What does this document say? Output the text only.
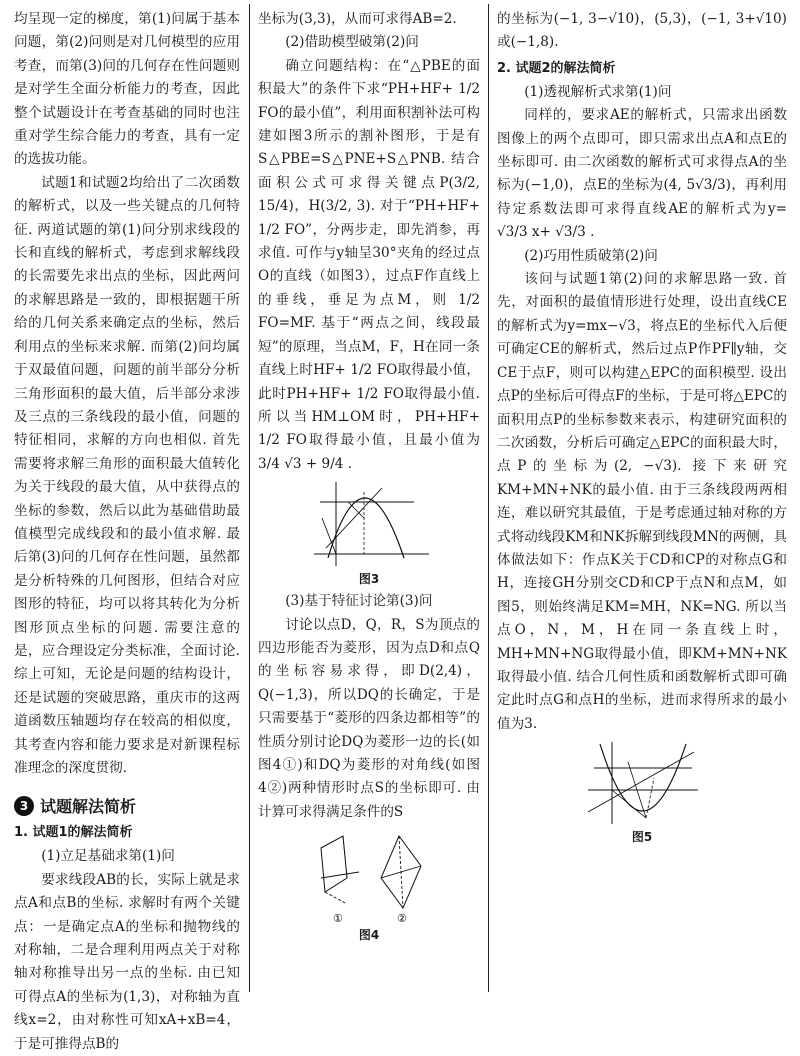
均呈现一定的梯度，第(1)问属于基本问题，第(2)问则是对几何模型的应用考查，而第(3)问的几何存在性问题则是对学生全面分析能力的考查，因此整个试题设计在考查基础的同时也注重对学生综合能力的考查，具有一定的选拔功能。

试题1和试题2均给出了二次函数的解析式，以及一些关键点的几何特征. 两道试题的第(1)问分别求线段的长和直线的解析式，考虑到求解线段的长需要先求出点的坐标，因此两问的求解思路是一致的，即根据题干所给的几何关系来确定点的坐标，然后利用点的坐标来求解. 而第(2)问均属于双最值问题，问题的前半部分分析三角形面积的最大值，后半部分求涉及三点的三条线段的最小值，问题的特征相同，求解的方向也相似. 首先需要将求解三角形的面积最大值转化为关于线段的最大值，从中获得点的坐标的参数，然后以此为基础借助最值模型完成线段和的最小值求解. 最后第(3)问的几何存在性问题，虽然都是分析特殊的几何图形，但结合对应图形的特征，均可以将其转化为分析图形顶点坐标的问题. 需要注意的是，应合理设定分类标准，全面讨论. 综上可知，无论是问题的结构设计，还是试题的突破思路，重庆市的这两道函数压轴题均存在较高的相似度，其考查内容和能力要求是对新课程标准理念的深度贯彻.

3 试题解法简析
1. 试题1的解法简析

(1)立足基础求第(1)问

要求线段AB的长，实际上就是求点A和点B的坐标. 求解时有两个关键点：一是确定点A的坐标和抛物线的对称轴，二是合理利用两点关于对称轴对称推导出另一点的坐标. 由已知可得点A的坐标为(1,3)，对称轴为直线x=2，由对称性可知xA+xB=4，于是可推得点B的

坐标为(3,3)，从而可求得AB=2.

(2)借助模型破第(2)问

确立问题结构：在“△PBE的面积最大”的条件下求“PH+HF+ 1/2 FO的最小值”，利用面积割补法可构建如图3所示的割补图形，于是有S△PBE=S△PNE+S△PNB. 结合面积公式可求得关键点P(3/2, 15/4)，H(3/2, 3). 对于“PH+HF+ 1/2 FO”，分两步走，即先消参，再求值. 可作与y轴呈30°夹角的经过点O的直线（如图3），过点F作直线上的垂线，垂足为点M，则 1/2 FO=MF. 基于“两点之间，线段最短”的原理，当点M，F，H在同一条直线上时HF+ 1/2 FO取得最小值，此时PH+HF+ 1/2 FO取得最小值. 所以当HM⊥OM时，PH+HF+ 1/2 FO取得最小值，且最小值为 3/4 √3 + 9/4 .

图3

(3)基于特征讨论第(3)问

讨论以点D，Q，R，S为顶点的四边形能否为菱形，因为点D和点Q的坐标容易求得，即D(2,4)，Q(−1,3)，所以DQ的长确定，于是只需要基于“菱形的四条边都相等”的性质分别讨论DQ为菱形一边的长(如图4①)和DQ为菱形的对角线(如图4②)两种情形时点S的坐标即可. 由计算可求得满足条件的S

①	②
图4

的坐标为(−1, 3−√10)，(5,3)，(−1, 3+√10)或(−1,8).

2. 试题2的解法简析

(1)透视解析式求第(1)问

同样的，要求AE的解析式，只需求出函数图像上的两个点即可，即只需求出点A和点E的坐标即可. 由二次函数的解析式可求得点A的坐标为(−1,0)，点E的坐标为(4, 5√3/3)，再利用待定系数法即可求得直线AE的解析式为y= √3/3 x+ √3/3 .

(2)巧用性质破第(2)问

该问与试题1第(2)问的求解思路一致. 首先，对面积的最值情形进行处理，设出直线CE的解析式为y=mx−√3，将点E的坐标代入后便可确定CE的解析式，然后过点P作PF∥y轴，交CE于点F，则可以构建△EPC的面积模型. 设出点P的坐标后可得点F的坐标，于是可将△EPC的面积用点P的坐标参数来表示，构建研究面积的二次函数，分析后可确定△EPC的面积最大时，点P的坐标为(2, −√3). 接下来研究KM+MN+NK的最小值. 由于三条线段两两相连，难以研究其最值，于是考虑通过轴对称的方式将动线段KM和NK拆解到线段MN的两侧，具体做法如下：作点K关于CD和CP的对称点G和H，连接GH分别交CD和CP于点N和点M，如图5，则始终满足KM=MH，NK=NG. 所以当点O，N，M，H在同一条直线上时，MH+MN+NG取得最小值，即KM+MN+NK取得最小值. 结合几何性质和函数解析式即可确定此时点G和点H的坐标，进而求得所求的最小值为3.

图5
